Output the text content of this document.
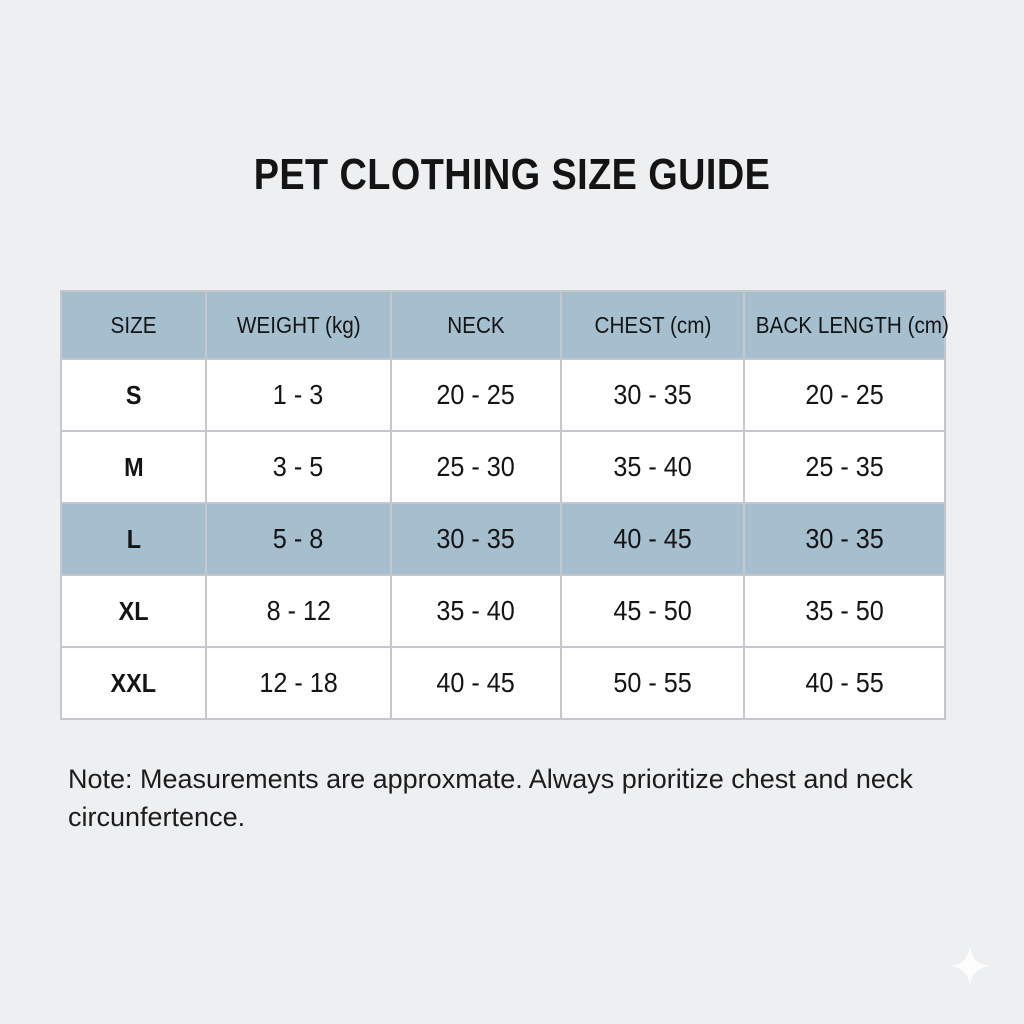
PET CLOTHING SIZE GUIDE
SIZE	WEIGHT (kg)	NECK	CHEST (cm)	BACK LENGTH (cm)
S	1 - 3	20 - 25	30 - 35	20 - 25
M	3 - 5	25 - 30	35 - 40	25 - 35
L	5 - 8	30 - 35	40 - 45	30 - 35
XL	8 - 12	35 - 40	45 - 50	35 - 50
XXL	12 - 18	40 - 45	50 - 55	40 - 55
Note: Measurements are approxmate. Always prioritize chest and neck circunfertence.
